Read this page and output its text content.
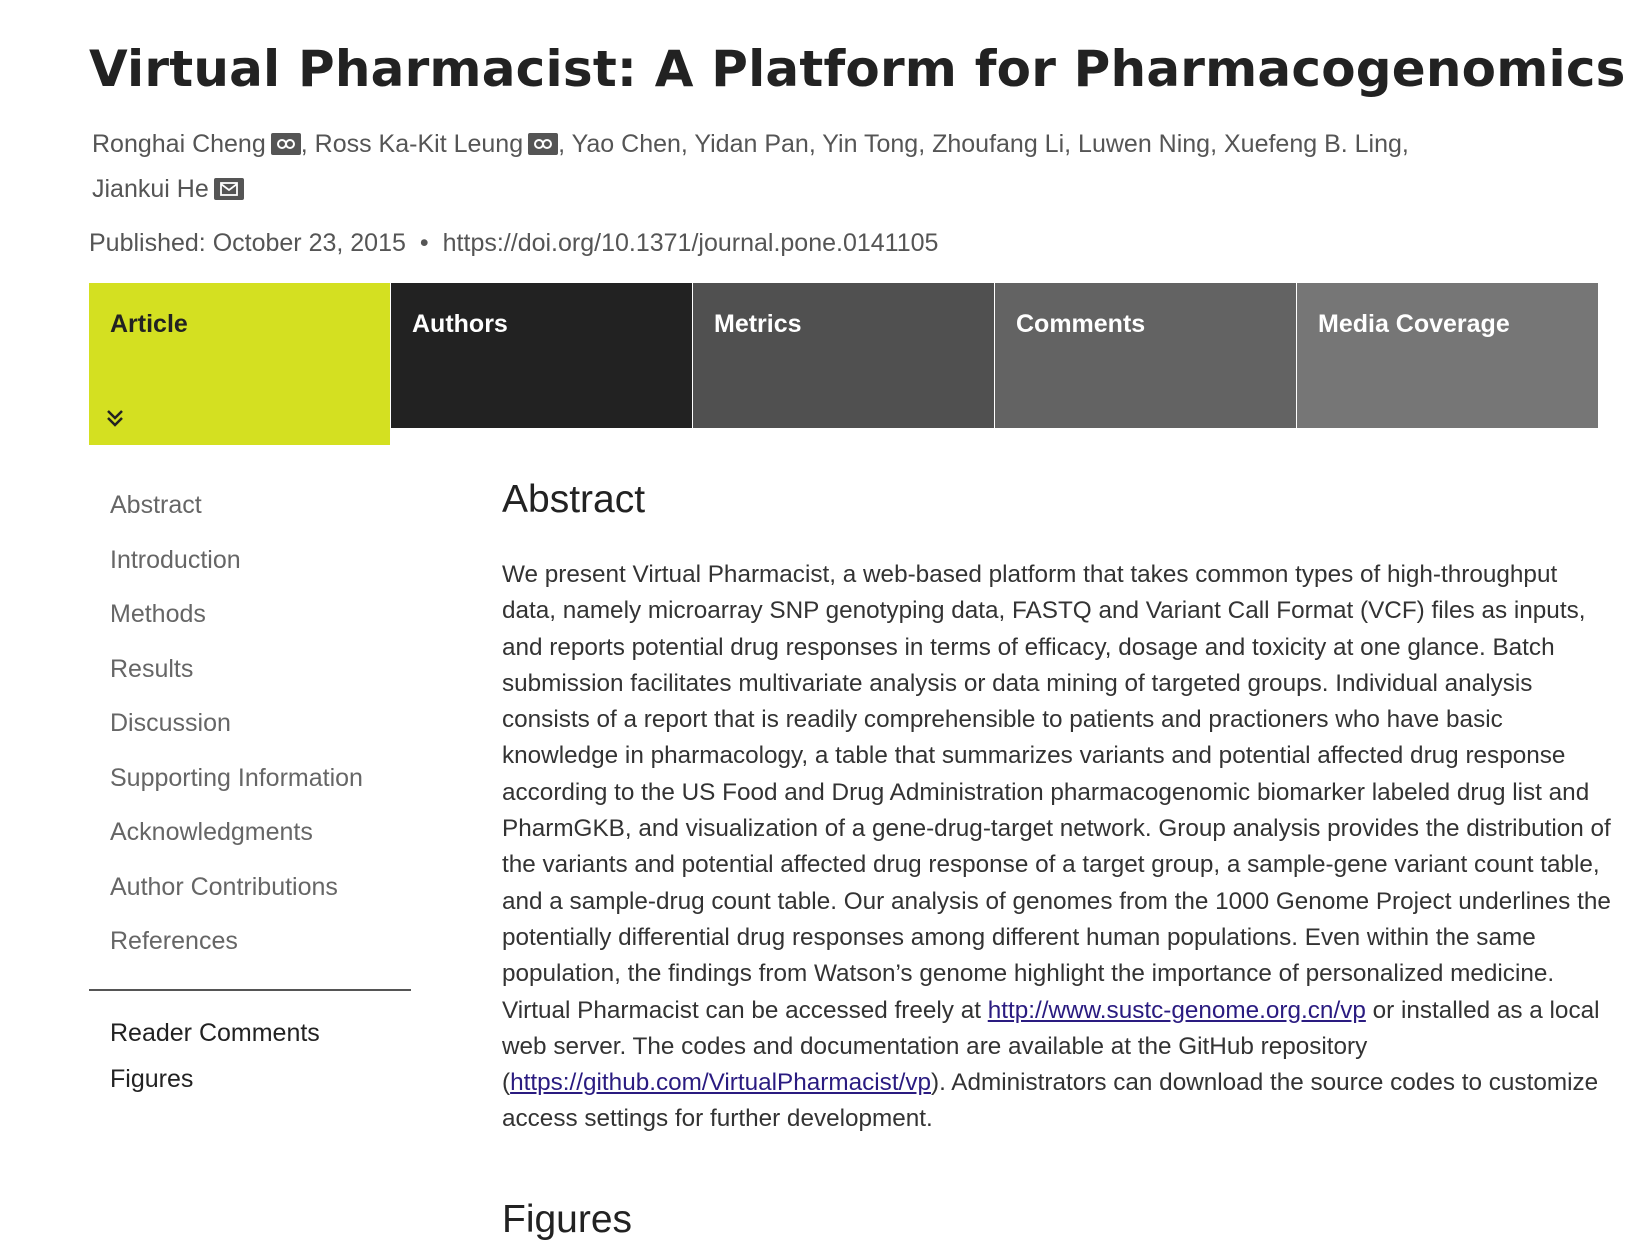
Virtual Pharmacist: A Platform for Pharmacogenomics
Ronghai Cheng , Ross Ka-Kit Leung , Yao Chen, Yidan Pan, Yin Tong, Zhoufang Li, Luwen Ning, Xuefeng B. Ling,
Jiankui He
Published: October 23, 2015 • https://doi.org/10.1371/journal.pone.0141105
Article	Authors	Metrics	Comments	Media Coverage
Abstract
Introduction
Methods
Results
Discussion
Supporting Information
Acknowledgments
Author Contributions
References
Reader Comments
Figures
Abstract
We present Virtual Pharmacist, a web-based platform that takes common types of high-throughput data, namely microarray SNP genotyping data, FASTQ and Variant Call Format (VCF) files as inputs, and reports potential drug responses in terms of efficacy, dosage and toxicity at one glance. Batch submission facilitates multivariate analysis or data mining of targeted groups. Individual analysis consists of a report that is readily comprehensible to patients and practioners who have basic knowledge in pharmacology, a table that summarizes variants and potential affected drug response according to the US Food and Drug Administration pharmacogenomic biomarker labeled drug list and PharmGKB, and visualization of a gene-drug-target network. Group analysis provides the distribution of the variants and potential affected drug response of a target group, a sample-gene variant count table, and a sample-drug count table. Our analysis of genomes from the 1000 Genome Project underlines the potentially differential drug responses among different human populations. Even within the same population, the findings from Watson’s genome highlight the importance of personalized medicine. Virtual Pharmacist can be accessed freely at http://www.sustc-genome.org.cn/vp or installed as a local web server. The codes and documentation are available at the GitHub repository (https://github.com/VirtualPharmacist/vp). Administrators can download the source codes to customize access settings for further development.
Figures
